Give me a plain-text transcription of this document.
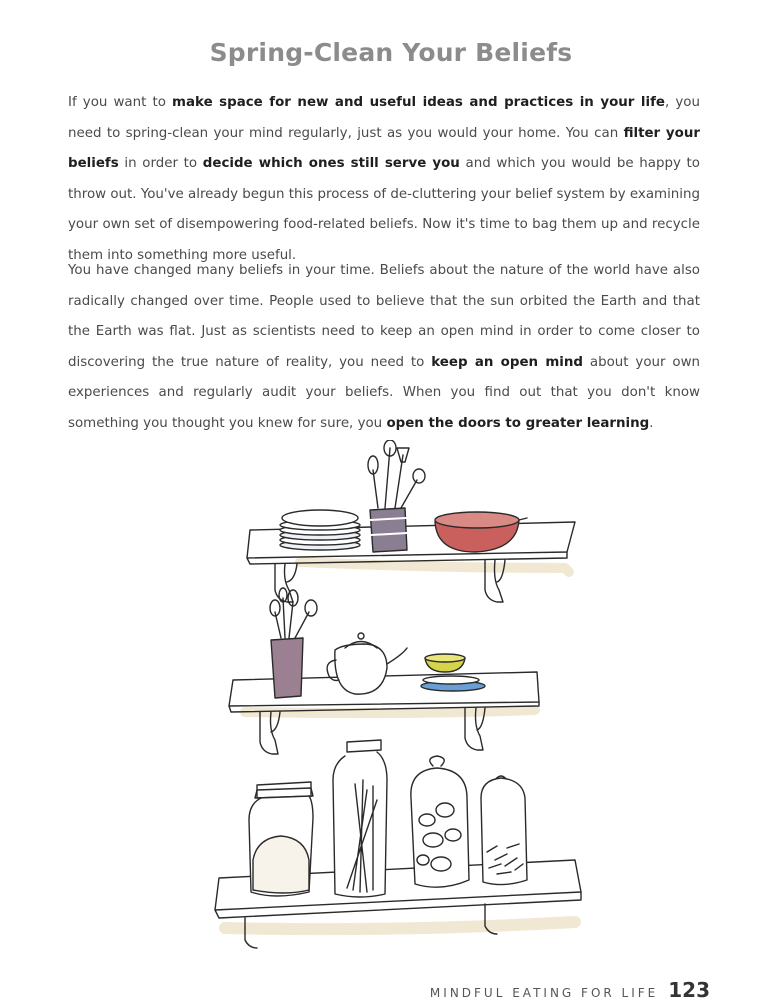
Spring-Clean Your Beliefs

If you want to make space for new and useful ideas and practices in your life, you need to spring-clean your mind regularly, just as you would your home. You can filter your beliefs in order to decide which ones still serve you and which you would be happy to throw out. You've already begun this process of de-cluttering your belief system by examining your own set of disempowering food-related beliefs. Now it's time to bag them up and recycle them into something more useful.

You have changed many beliefs in your time. Beliefs about the nature of the world have also radically changed over time. People used to believe that the sun orbited the Earth and that the Earth was flat. Just as scientists need to keep an open mind in order to come closer to discovering the true nature of reality, you need to keep an open mind about your own experiences and regularly audit your beliefs. When you find out that you don't know something you thought you knew for sure, you open the doors to greater learning.

MINDFUL EATING FOR LIFE 123
